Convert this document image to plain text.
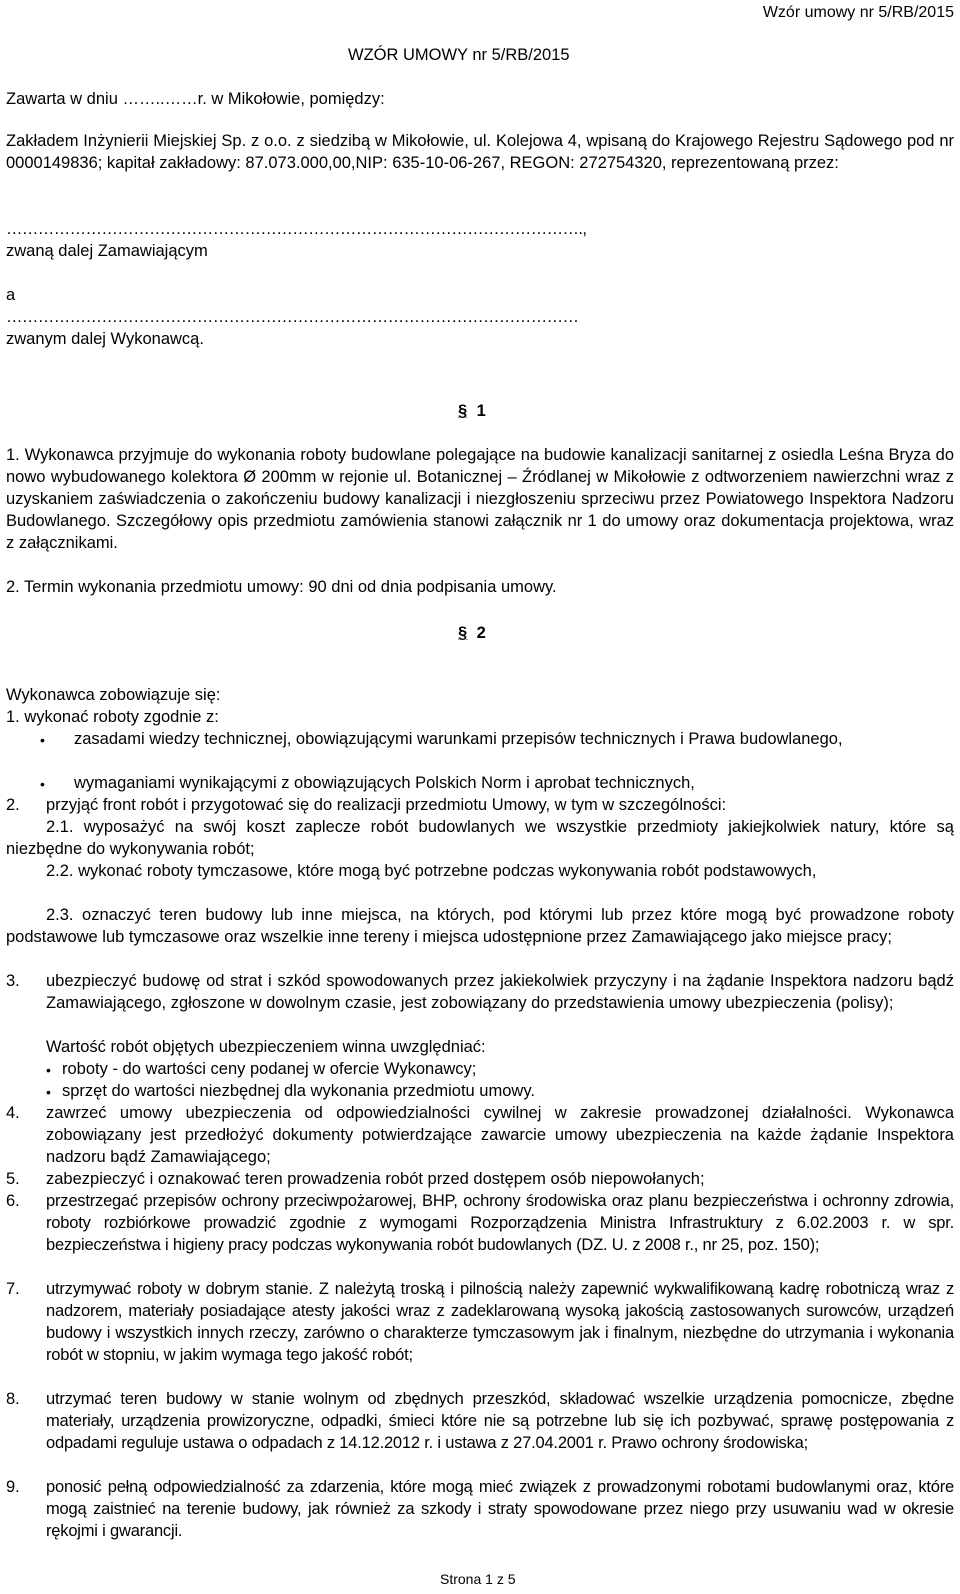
Wzór umowy nr 5/RB/2015
WZÓR UMOWY nr 5/RB/2015
Zawarta w dniu ……..……r. w Mikołowie, pomiędzy:
Zakładem Inżynierii Miejskiej Sp. z o.o. z siedzibą w Mikołowie, ul. Kolejowa 4, wpisaną do Krajowego Rejestru Sądowego pod nr 0000149836; kapitał zakładowy: 87.073.000,00,NIP: 635-10-06-267, REGON: 272754320, reprezentowaną przez:
……………………………………………………………………………………………….,
zwaną dalej Zamawiającym
a
………………………………………………………………………………………………
zwanym dalej Wykonawcą.
§ 1
1. Wykonawca przyjmuje do wykonania roboty budowlane polegające na budowie kanalizacji sanitarnej z osiedla Leśna Bryza do nowo wybudowanego kolektora Ø 200mm w rejonie ul. Botanicznej – Źródlanej w Mikołowie z odtworzeniem nawierzchni wraz z uzyskaniem zaświadczenia o zakończeniu budowy kanalizacji i niezgłoszeniu sprzeciwu przez Powiatowego Inspektora Nadzoru Budowlanego. Szczegółowy opis przedmiotu zamówienia stanowi załącznik nr 1 do umowy oraz dokumentacja projektowa, wraz z załącznikami.
2. Termin wykonania przedmiotu umowy: 90 dni od dnia podpisania umowy.
§ 2
Wykonawca zobowiązuje się:
1. wykonać roboty zgodnie z:
• zasadami wiedzy technicznej, obowiązującymi warunkami przepisów technicznych i Prawa budowlanego,
• wymaganiami wynikającymi z obowiązujących Polskich Norm i aprobat technicznych,
2. przyjąć front robót i przygotować się do realizacji przedmiotu Umowy, w tym w szczególności:
2.1. wyposażyć na swój koszt zaplecze robót budowlanych we wszystkie przedmioty jakiejkolwiek natury, które są niezbędne do wykonywania robót;
2.2. wykonać roboty tymczasowe, które mogą być potrzebne podczas wykonywania robót podstawowych,
2.3. oznaczyć teren budowy lub inne miejsca, na których, pod którymi lub przez które mogą być prowadzone roboty podstawowe lub tymczasowe oraz wszelkie inne tereny i miejsca udostępnione przez Zamawiającego jako miejsce pracy;
3. ubezpieczyć budowę od strat i szkód spowodowanych przez jakiekolwiek przyczyny i na żądanie Inspektora nadzoru bądź Zamawiającego, zgłoszone w dowolnym czasie, jest zobowiązany do przedstawienia umowy ubezpieczenia (polisy);
Wartość robót objętych ubezpieczeniem winna uwzględniać:
• roboty - do wartości ceny podanej w ofercie Wykonawcy;
• sprzęt do wartości niezbędnej dla wykonania przedmiotu umowy.
4. zawrzeć umowy ubezpieczenia od odpowiedzialności cywilnej w zakresie prowadzonej działalności. Wykonawca zobowiązany jest przedłożyć dokumenty potwierdzające zawarcie umowy ubezpieczenia na każde żądanie Inspektora nadzoru bądź Zamawiającego;
5. zabezpieczyć i oznakować teren prowadzenia robót przed dostępem osób niepowołanych;
6. przestrzegać przepisów ochrony przeciwpożarowej, BHP, ochrony środowiska oraz planu bezpieczeństwa i ochronny zdrowia, roboty rozbiórkowe prowadzić zgodnie z wymogami Rozporządzenia Ministra Infrastruktury z 6.02.2003 r. w spr. bezpieczeństwa i higieny pracy podczas wykonywania robót budowlanych (DZ. U. z 2008 r., nr 25, poz. 150);
7. utrzymywać roboty w dobrym stanie. Z należytą troską i pilnością należy zapewnić wykwalifikowaną kadrę robotniczą wraz z nadzorem, materiały posiadające atesty jakości wraz z zadeklarowaną wysoką jakością zastosowanych surowców, urządzeń budowy i wszystkich innych rzeczy, zarówno o charakterze tymczasowym jak i finalnym, niezbędne do utrzymania i wykonania robót w stopniu, w jakim wymaga tego jakość robót;
8. utrzymać teren budowy w stanie wolnym od zbędnych przeszkód, składować wszelkie urządzenia pomocnicze, zbędne materiały, urządzenia prowizoryczne, odpadki, śmieci które nie są potrzebne lub się ich pozbywać, sprawę postępowania z odpadami reguluje ustawa o odpadach z 14.12.2012 r. i ustawa z 27.04.2001 r. Prawo ochrony środowiska;
9. ponosić pełną odpowiedzialność za zdarzenia, które mogą mieć związek z prowadzonymi robotami budowlanymi oraz, które mogą zaistnieć na terenie budowy, jak również za szkody i straty spowodowane przez niego przy usuwaniu wad w okresie rękojmi i gwarancji.
Strona 1 z 5
